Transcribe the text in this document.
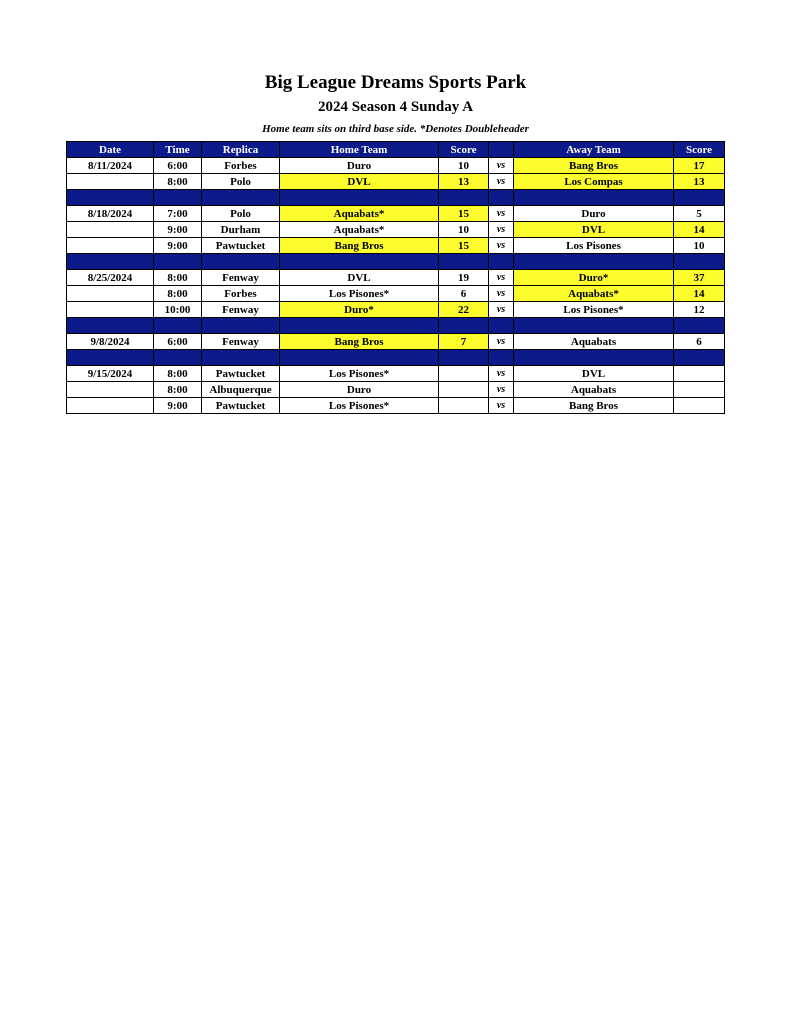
Big League Dreams Sports Park
2024 Season 4 Sunday A
Home team sits on third base side. *Denotes Doubleheader
Date	Time	Replica	Home Team	Score		Away Team	Score
8/11/2024	6:00	Forbes	Duro	10	vs	Bang Bros	17
	8:00	Polo	DVL	13	vs	Los Compas	13

8/18/2024	7:00	Polo	Aquabats*	15	vs	Duro	5
	9:00	Durham	Aquabats*	10	vs	DVL	14
	9:00	Pawtucket	Bang Bros	15	vs	Los Pisones	10

8/25/2024	8:00	Fenway	DVL	19	vs	Duro*	37
	8:00	Forbes	Los Pisones*	6	vs	Aquabats*	14
	10:00	Fenway	Duro*	22	vs	Los Pisones*	12

9/8/2024	6:00	Fenway	Bang Bros	7	vs	Aquabats	6

9/15/2024	8:00	Pawtucket	Los Pisones*		vs	DVL	
	8:00	Albuquerque	Duro		vs	Aquabats	
	9:00	Pawtucket	Los Pisones*		vs	Bang Bros	
